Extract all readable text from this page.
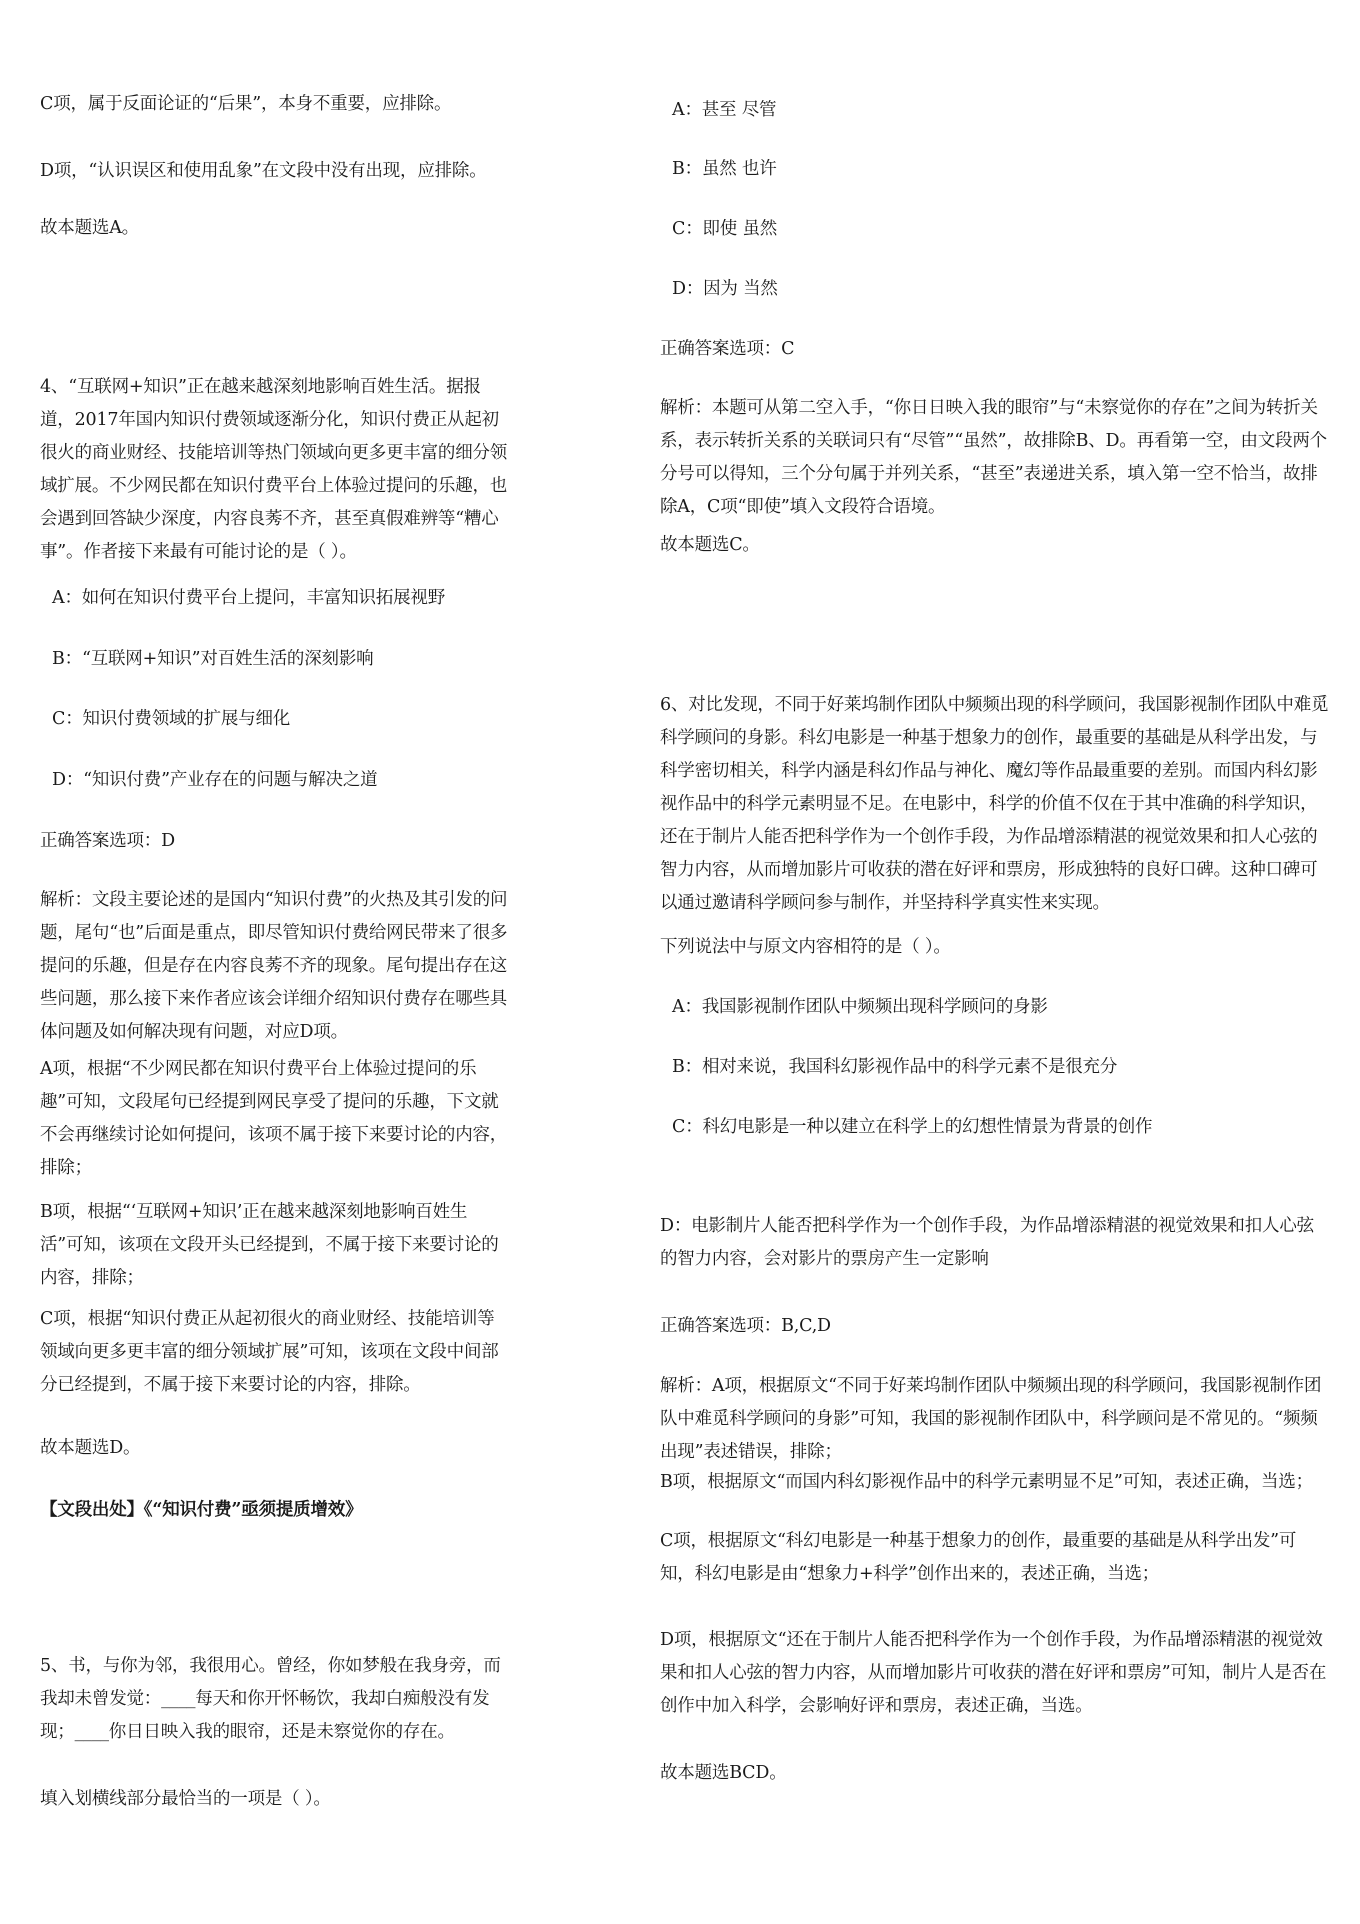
C项，属于反面论证的“后果”，本身不重要，应排除。

D项，“认识误区和使用乱象”在文段中没有出现，应排除。

故本题选A。

4、“互联网+知识”正在越来越深刻地影响百姓生活。据报道，2017年国内知识付费领域逐渐分化，知识付费正从起初很火的商业财经、技能培训等热门领域向更多更丰富的细分领域扩展。不少网民都在知识付费平台上体验过提问的乐趣，也会遇到回答缺少深度，内容良莠不齐，甚至真假难辨等“糟心事”。作者接下来最有可能讨论的是（ ）。

A：如何在知识付费平台上提问，丰富知识拓展视野

B：“互联网+知识”对百姓生活的深刻影响

C：知识付费领域的扩展与细化

D：“知识付费”产业存在的问题与解决之道

正确答案选项：D

解析：文段主要论述的是国内“知识付费”的火热及其引发的问题，尾句“也”后面是重点，即尽管知识付费给网民带来了很多提问的乐趣，但是存在内容良莠不齐的现象。尾句提出存在这些问题，那么接下来作者应该会详细介绍知识付费存在哪些具体问题及如何解决现有问题，对应D项。

A项，根据“不少网民都在知识付费平台上体验过提问的乐趣”可知，文段尾句已经提到网民享受了提问的乐趣，下文就不会再继续讨论如何提问，该项不属于接下来要讨论的内容，排除；

B项，根据“‘互联网+知识’正在越来越深刻地影响百姓生活”可知，该项在文段开头已经提到，不属于接下来要讨论的内容，排除；

C项，根据“知识付费正从起初很火的商业财经、技能培训等领域向更多更丰富的细分领域扩展”可知，该项在文段中间部分已经提到，不属于接下来要讨论的内容，排除。

故本题选D。

【文段出处】《“知识付费”亟须提质增效》

5、书，与你为邻，我很用心。曾经，你如梦般在我身旁，而我却未曾发觉：____每天和你开怀畅饮，我却白痴般没有发现；____你日日映入我的眼帘，还是未察觉你的存在。

填入划横线部分最恰当的一项是（ ）。

A：甚至 尽管

B：虽然 也许

C：即使 虽然

D：因为 当然

正确答案选项：C

解析：本题可从第二空入手，“你日日映入我的眼帘”与“未察觉你的存在”之间为转折关系，表示转折关系的关联词只有“尽管”“虽然”，故排除B、D。再看第一空，由文段两个分号可以得知，三个分句属于并列关系，“甚至”表递进关系，填入第一空不恰当，故排除A，C项“即使”填入文段符合语境。

故本题选C。

6、对比发现，不同于好莱坞制作团队中频频出现的科学顾问，我国影视制作团队中难觅科学顾问的身影。科幻电影是一种基于想象力的创作，最重要的基础是从科学出发，与科学密切相关，科学内涵是科幻作品与神化、魔幻等作品最重要的差别。而国内科幻影视作品中的科学元素明显不足。在电影中，科学的价值不仅在于其中准确的科学知识，还在于制片人能否把科学作为一个创作手段，为作品增添精湛的视觉效果和扣人心弦的智力内容，从而增加影片可收获的潜在好评和票房，形成独特的良好口碑。这种口碑可以通过邀请科学顾问参与制作，并坚持科学真实性来实现。

下列说法中与原文内容相符的是（ ）。

A：我国影视制作团队中频频出现科学顾问的身影

B：相对来说，我国科幻影视作品中的科学元素不是很充分

C：科幻电影是一种以建立在科学上的幻想性情景为背景的创作

D：电影制片人能否把科学作为一个创作手段，为作品增添精湛的视觉效果和扣人心弦的智力内容，会对影片的票房产生一定影响

正确答案选项：B,C,D

解析：A项，根据原文“不同于好莱坞制作团队中频频出现的科学顾问，我国影视制作团队中难觅科学顾问的身影”可知，我国的影视制作团队中，科学顾问是不常见的。“频频出现”表述错误，排除；

B项，根据原文“而国内科幻影视作品中的科学元素明显不足”可知，表述正确，当选；

C项，根据原文“科幻电影是一种基于想象力的创作，最重要的基础是从科学出发”可知，科幻电影是由“想象力+科学”创作出来的，表述正确，当选；

D项，根据原文“还在于制片人能否把科学作为一个创作手段，为作品增添精湛的视觉效果和扣人心弦的智力内容，从而增加影片可收获的潜在好评和票房”可知，制片人是否在创作中加入科学，会影响好评和票房，表述正确，当选。

故本题选BCD。
